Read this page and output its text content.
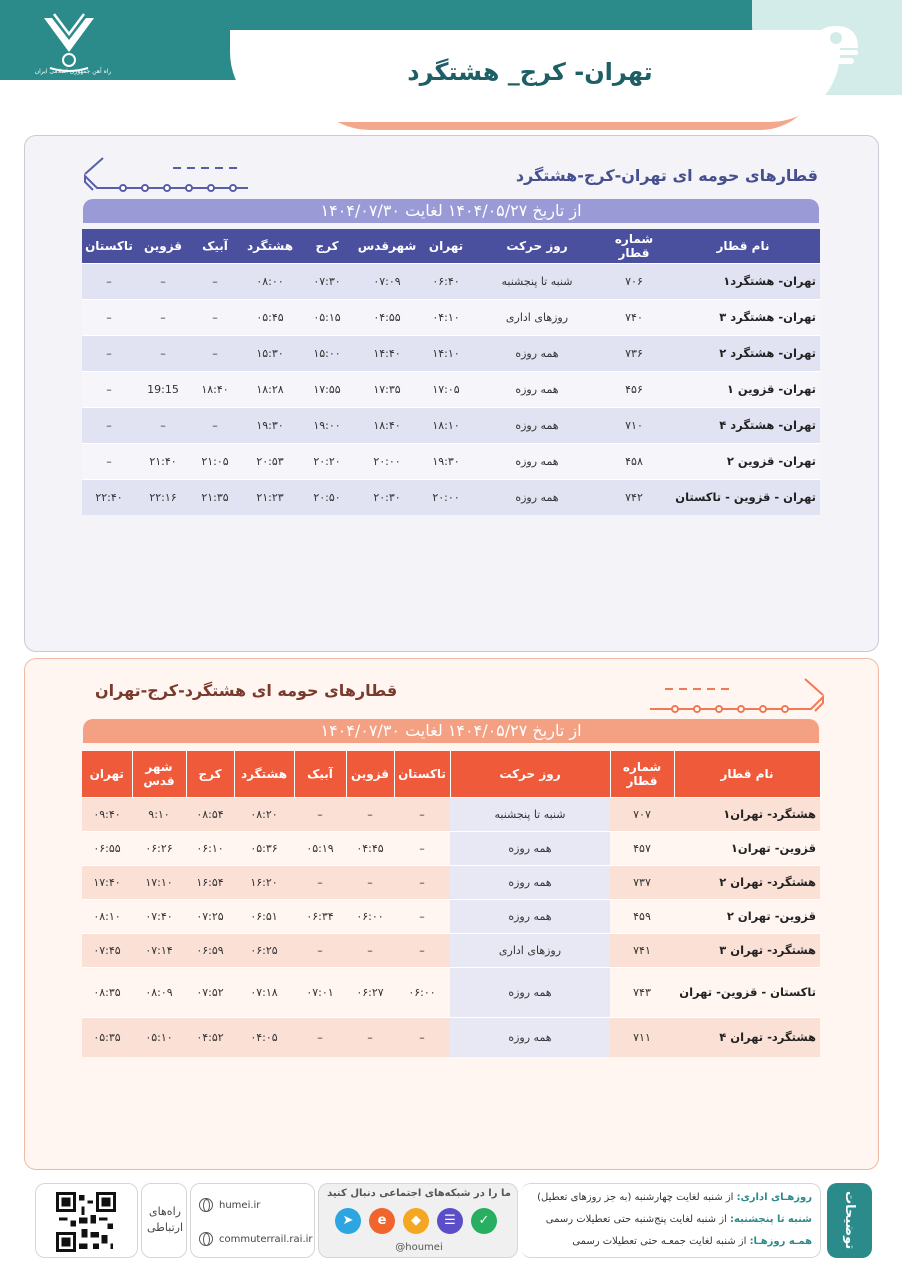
تهران- کرج_ هشتگرد
راه آهن جمهوری اسلامی ایران
قطارهای حومه ای تهران-کرج-هشتگرد
از تاریخ ۱۴۰۴/۰۵/۲۷ لغایت ۱۴۰۴/۰۷/۳۰
تاکستان	قزوین	آبیک	هشتگرد	کرج	شهرقدس	تهران	روز حرکت	شماره قطار	نام قطار
–	–	–	۰۸:۰۰	۰۷:۳۰	۰۷:۰۹	۰۶:۴۰	شنبه تا پنجشنبه	۷۰۶	تهران- هشتگرد۱
–	–	–	۰۵:۴۵	۰۵:۱۵	۰۴:۵۵	۰۴:۱۰	روزهای اداری	۷۴۰	تهران- هشتگرد ۳
–	–	–	۱۵:۳۰	۱۵:۰۰	۱۴:۴۰	۱۴:۱۰	همه روزه	۷۳۶	تهران- هشتگرد ۲
–	19:15	۱۸:۴۰	۱۸:۲۸	۱۷:۵۵	۱۷:۳۵	۱۷:۰۵	همه روزه	۴۵۶	تهران- قزوین ۱
–	–	–	۱۹:۳۰	۱۹:۰۰	۱۸:۴۰	۱۸:۱۰	همه روزه	۷۱۰	تهران- هشتگرد ۴
–	۲۱:۴۰	۲۱:۰۵	۲۰:۵۳	۲۰:۲۰	۲۰:۰۰	۱۹:۳۰	همه روزه	۴۵۸	تهران- قزوین ۲
۲۲:۴۰	۲۲:۱۶	۲۱:۳۵	۲۱:۲۳	۲۰:۵۰	۲۰:۳۰	۲۰:۰۰	همه روزه	۷۴۲	تهران - قزوین - تاکستان
قطارهای حومه ای هشتگرد-کرج-تهران
از تاریخ ۱۴۰۴/۰۵/۲۷ لغایت ۱۴۰۴/۰۷/۳۰
تهران	شهر قدس	کرج	هشتگرد	آبیک	قزوین	تاکستان	روز حرکت	شماره قطار	نام قطار
۰۹:۴۰	۹:۱۰	۰۸:۵۴	۰۸:۲۰	–	–	–	شنبه تا پنجشنبه	۷۰۷	هشتگرد- تهران۱
۰۶:۵۵	۰۶:۲۶	۰۶:۱۰	۰۵:۳۶	۰۵:۱۹	۰۴:۴۵	–	همه روزه	۴۵۷	قزوین- تهران۱
۱۷:۴۰	۱۷:۱۰	۱۶:۵۴	۱۶:۲۰	–	–	–	همه روزه	۷۳۷	هشتگرد- تهران ۲
۰۸:۱۰	۰۷:۴۰	۰۷:۲۵	۰۶:۵۱	۰۶:۳۴	۰۶:۰۰	–	همه روزه	۴۵۹	قزوین- تهران ۲
۰۷:۴۵	۰۷:۱۴	۰۶:۵۹	۰۶:۲۵	–	–	–	روزهای اداری	۷۴۱	هشتگرد- تهران ۳
۰۸:۳۵	۰۸:۰۹	۰۷:۵۲	۰۷:۱۸	۰۷:۰۱	۰۶:۲۷	۰۶:۰۰	همه روزه	۷۴۳	تاکستان - قزوین- تهران
۰۵:۳۵	۰۵:۱۰	۰۴:۵۲	۰۴:۰۵	–	–	–	همه روزه	۷۱۱	هشتگرد- تهران ۴
راه‌های ارتباطی
humei.ir
commuterrail.rai.ir
ما را در شبکه‌های اجتماعی دنبال کنید
➤	e	◆	☰	✓
@houmei
روزهـای اداری: از شنبه لغایت چهارشنبه (به جز روزهای تعطیل)
شنبه تا پنجشنبه: از شنبه لغایت پنج‌شنبه حتی تعطیلات رسمی
همـه روزهـا: از شنبه لغایت جمعـه حتی تعطیلات رسمی	توضیحات
